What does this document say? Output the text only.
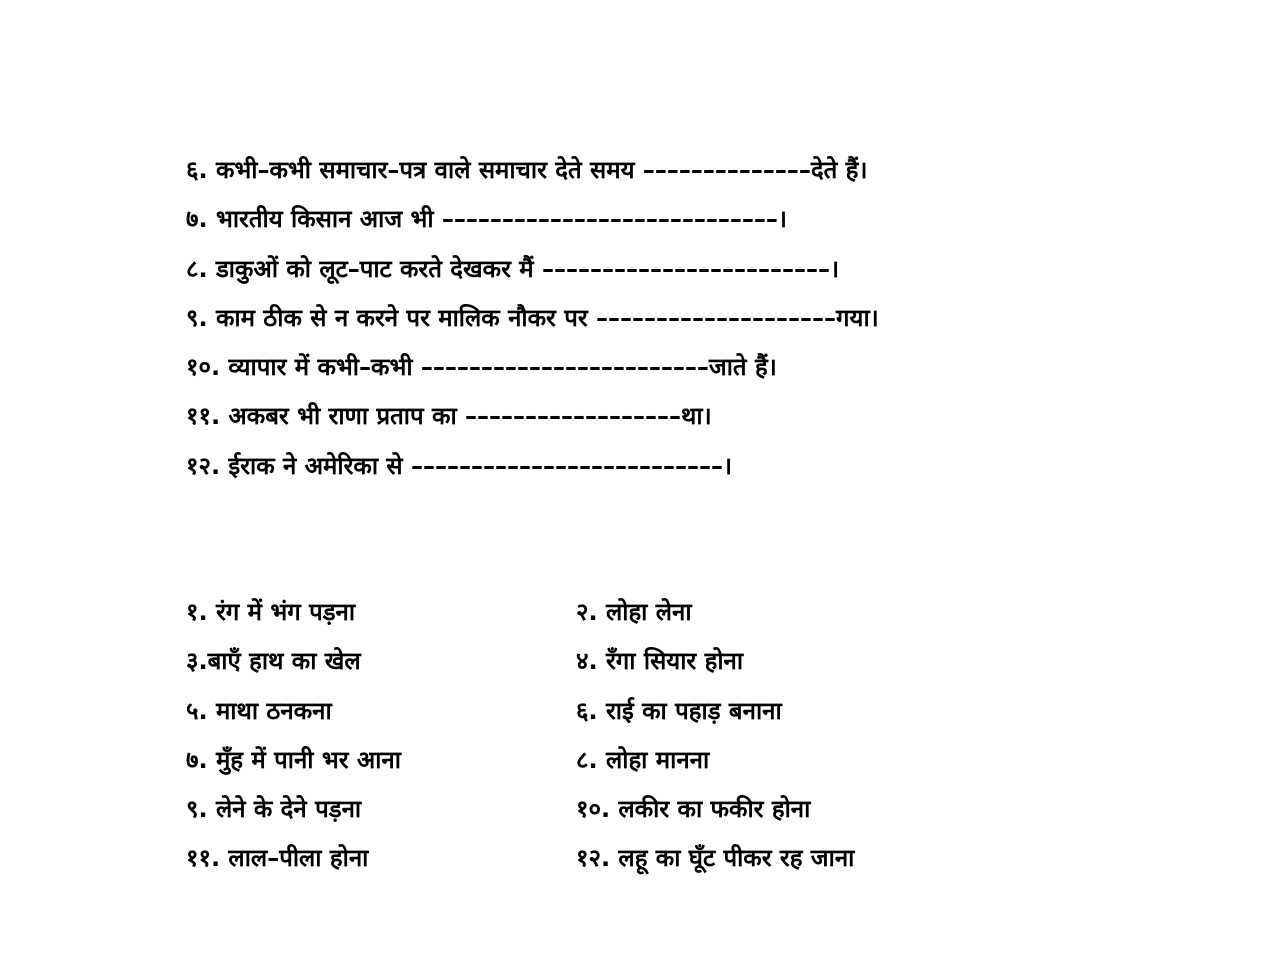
६. कभी–कभी समाचार–पत्र वाले समाचार देते समय ––––––––––––––देते हैं।
७. भारतीय किसान आज भी ––––––––––––––––––––––––––––।
८. डाकुओं को लूट–पाट करते देखकर मैं ––––––––––––––––––––––––।
९. काम ठीक से न करने पर मालिक नौकर पर ––––––––––––––––––––गया।
१०. व्यापार में कभी–कभी ––––––––––––––––––––––––जाते हैं।
११. अकबर भी राणा प्रताप का ––––––––––––––––––था।
१२. ईराक ने अमेरिका से ––––––––––––––––––––––––––।
१. रंग में भंग पड़ना	२. लोहा लेना
३.बाएँ हाथ का खेल	४. रँगा सियार होना
५. माथा ठनकना	६. राई का पहाड़ बनाना
७. मुँह में पानी भर आना	८. लोहा मानना
९. लेने के देने पड़ना	१०. लकीर का फकीर होना
११. लाल–पीला होना	१२. लहू का घूँट पीकर रह जाना
